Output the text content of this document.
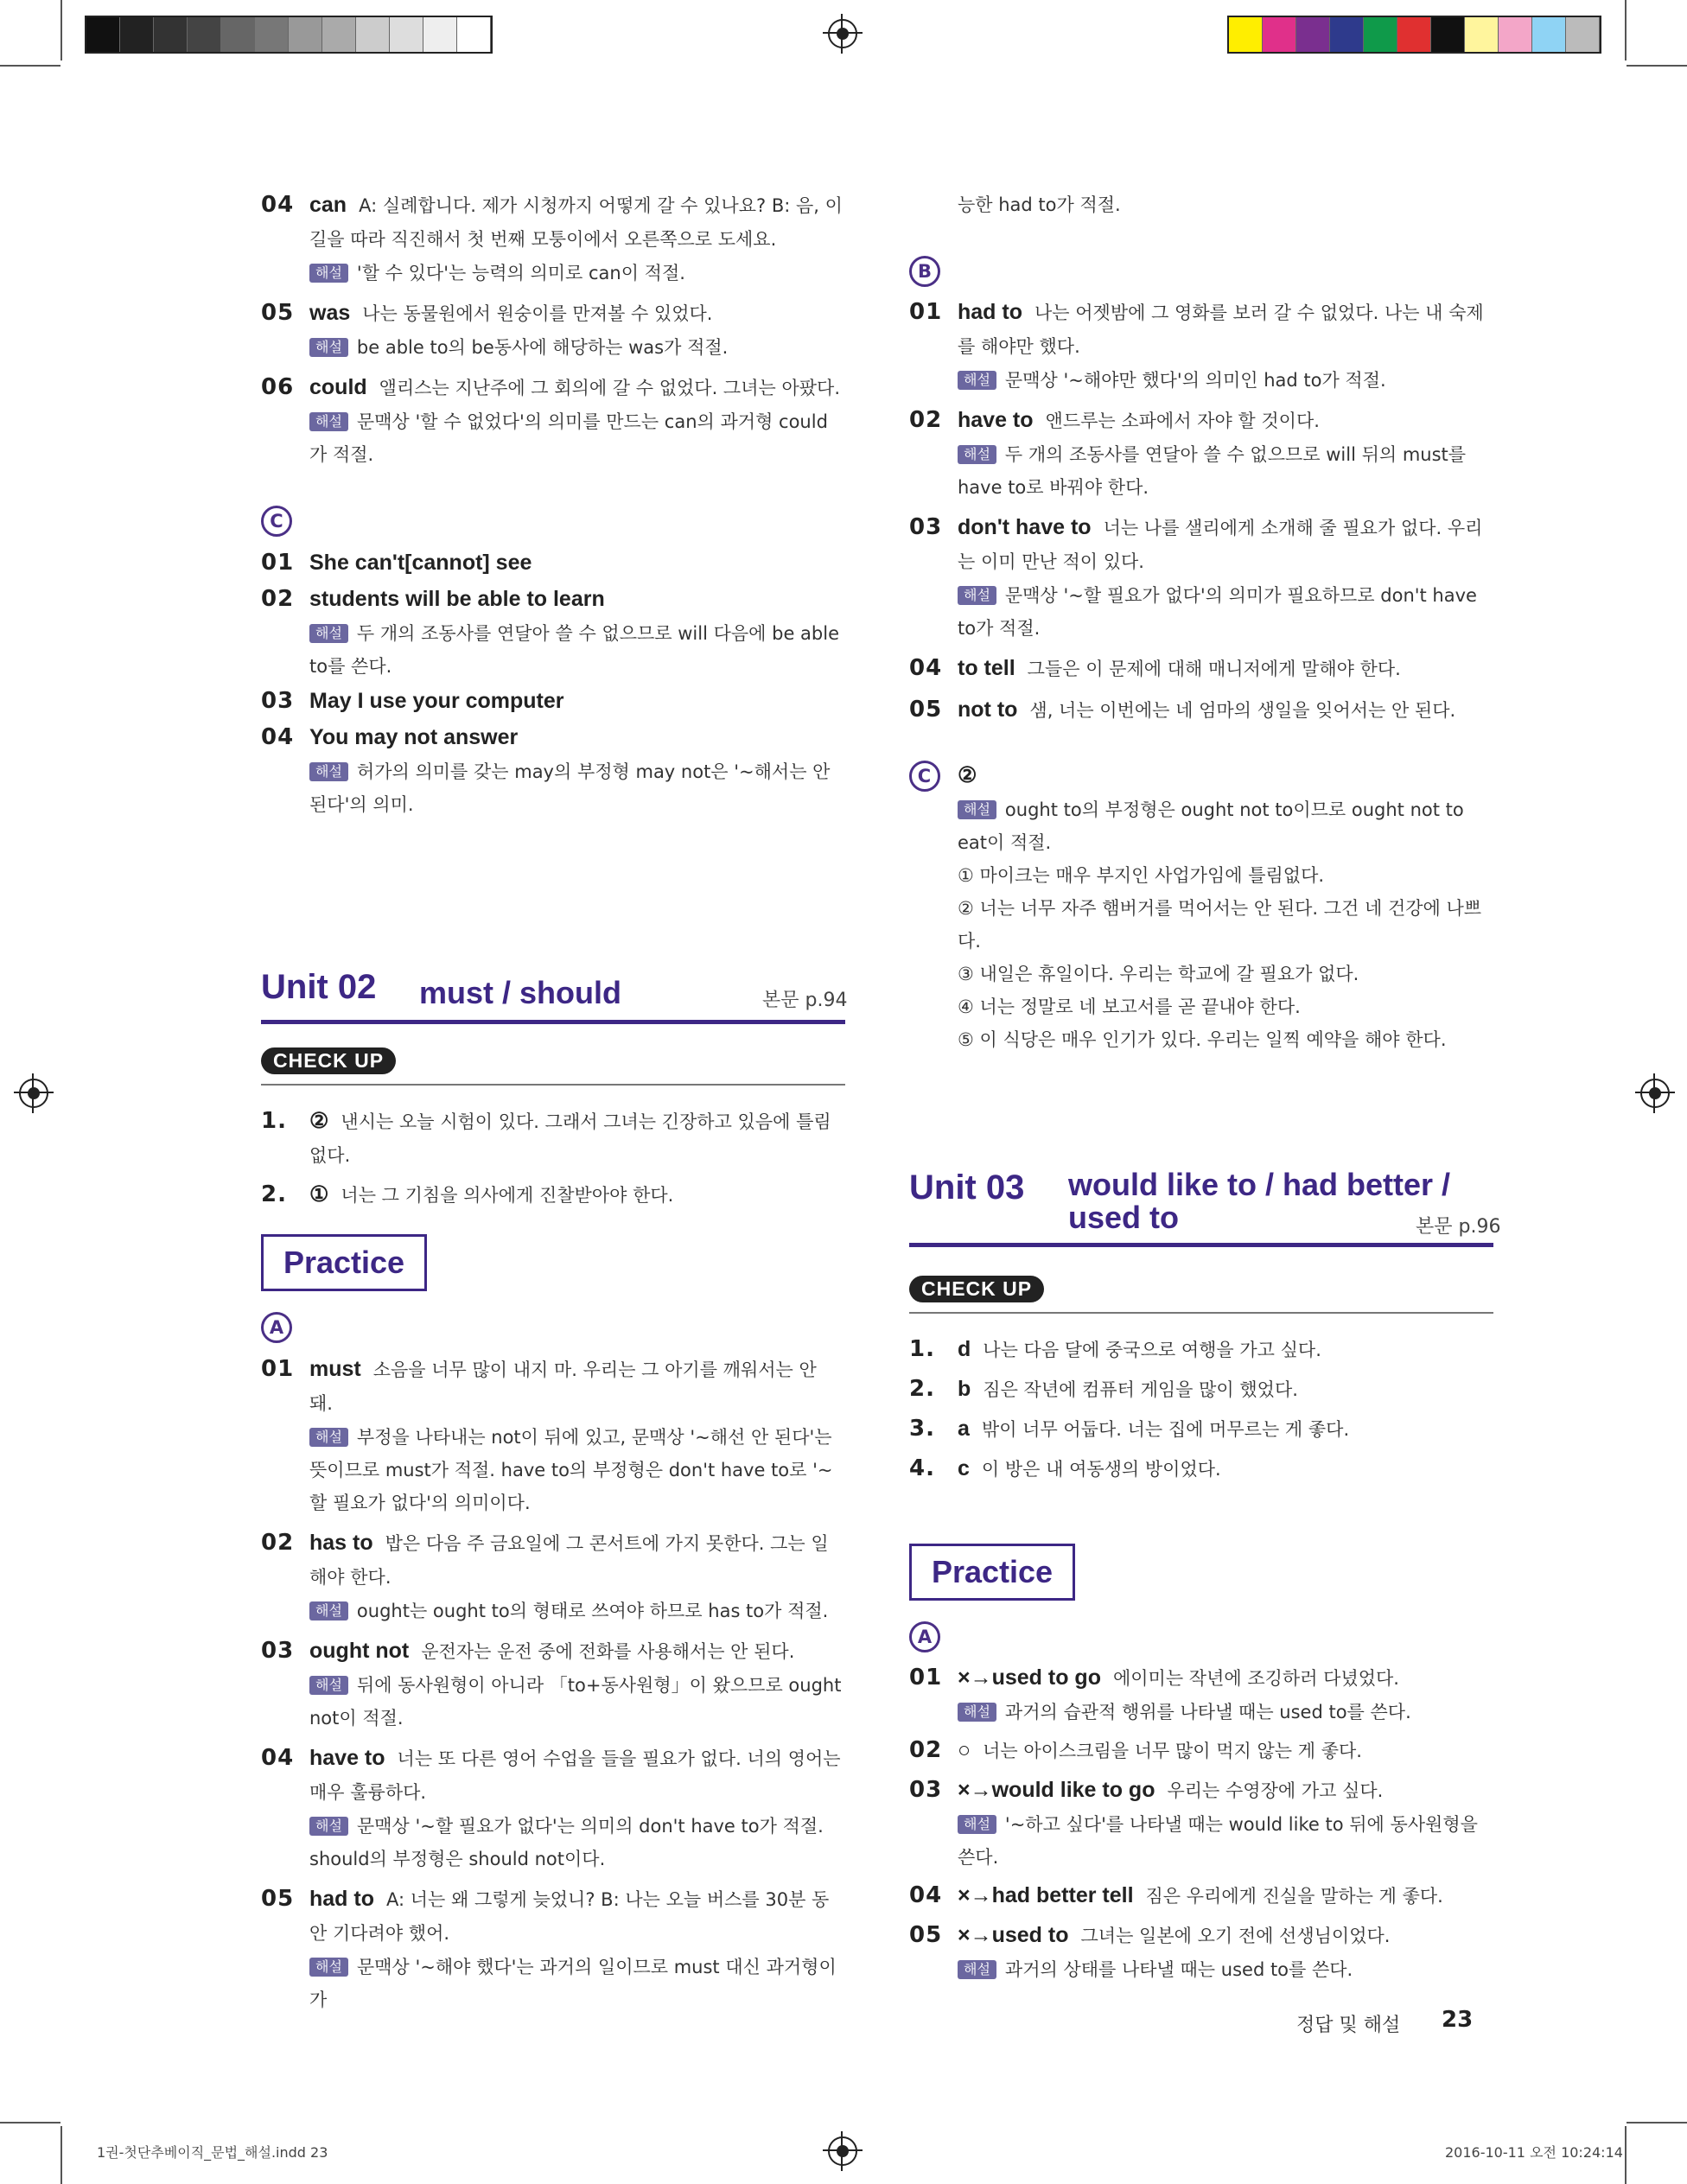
1권-첫단추베이직_문법_해설.indd 23	2016-10-11 오전 10:24:14
04 can A: 실례합니다. 제가 시청까지 어떻게 갈 수 있나요? B: 음, 이 길을 따라 직진해서 첫 번째 모퉁이에서 오른쪽으로 도세요.
해설 '할 수 있다'는 능력의 의미로 can이 적절.
05 was 나는 동물원에서 원숭이를 만져볼 수 있었다.
해설 be able to의 be동사에 해당하는 was가 적절.
06 could 앨리스는 지난주에 그 회의에 갈 수 없었다. 그녀는 아팠다.
해설 문맥상 '할 수 없었다'의 의미를 만드는 can의 과거형 could가 적절.
C
01 She can't[cannot] see
02 students will be able to learn
해설 두 개의 조동사를 연달아 쓸 수 없으므로 will 다음에 be able to를 쓴다.
03 May I use your computer
04 You may not answer
해설 허가의 의미를 갖는 may의 부정형 may not은 '~해서는 안 된다'의 의미.
Unit 02 must / should	본문 p.94
CHECK UP
1. ② 낸시는 오늘 시험이 있다. 그래서 그녀는 긴장하고 있음에 틀림없다.
2. ① 너는 그 기침을 의사에게 진찰받아야 한다.
Practice
A
01 must 소음을 너무 많이 내지 마. 우리는 그 아기를 깨워서는 안 돼.
해설 부정을 나타내는 not이 뒤에 있고, 문맥상 '~해선 안 된다'는 뜻이므로 must가 적절. have to의 부정형은 don't have to로 '~할 필요가 없다'의 의미이다.
02 has to 밥은 다음 주 금요일에 그 콘서트에 가지 못한다. 그는 일해야 한다.
해설 ought는 ought to의 형태로 쓰여야 하므로 has to가 적절.
03 ought not 운전자는 운전 중에 전화를 사용해서는 안 된다.
해설 뒤에 동사원형이 아니라 「to+동사원형」이 왔으므로 ought not이 적절.
04 have to 너는 또 다른 영어 수업을 들을 필요가 없다. 너의 영어는 매우 훌륭하다.
해설 문맥상 '~할 필요가 없다'는 의미의 don't have to가 적절. should의 부정형은 should not이다.
05 had to A: 너는 왜 그렇게 늦었니? B: 나는 오늘 버스를 30분 동안 기다려야 했어.
해설 문맥상 '~해야 했다'는 과거의 일이므로 must 대신 과거형이 가
능한 had to가 적절.
B
01 had to 나는 어젯밤에 그 영화를 보러 갈 수 없었다. 나는 내 숙제를 해야만 했다.
해설 문맥상 '~해야만 했다'의 의미인 had to가 적절.
02 have to 앤드루는 소파에서 자야 할 것이다.
해설 두 개의 조동사를 연달아 쓸 수 없으므로 will 뒤의 must를 have to로 바꿔야 한다.
03 don't have to 너는 나를 샐리에게 소개해 줄 필요가 없다. 우리는 이미 만난 적이 있다.
해설 문맥상 '~할 필요가 없다'의 의미가 필요하므로 don't have to가 적절.
04 to tell 그들은 이 문제에 대해 매니저에게 말해야 한다.
05 not to 샘, 너는 이번에는 네 엄마의 생일을 잊어서는 안 된다.
C	②
해설 ought to의 부정형은 ought not to이므로 ought not to eat이 적절.
① 마이크는 매우 부지인 사업가임에 틀림없다.
② 너는 너무 자주 햄버거를 먹어서는 안 된다. 그건 네 건강에 나쁘다.
③ 내일은 휴일이다. 우리는 학교에 갈 필요가 없다.
④ 너는 정말로 네 보고서를 곧 끝내야 한다.
⑤ 이 식당은 매우 인기가 있다. 우리는 일찍 예약을 해야 한다.
Unit 03 would like to / had better /
used to	본문 p.96
CHECK UP
1. d 나는 다음 달에 중국으로 여행을 가고 싶다.
2. b 짐은 작년에 컴퓨터 게임을 많이 했었다.
3. a 밖이 너무 어둡다. 너는 집에 머무르는 게 좋다.
4. c 이 방은 내 여동생의 방이었다.
Practice
A
01 ×→used to go 에이미는 작년에 조깅하러 다녔었다.
해설 과거의 습관적 행위를 나타낼 때는 used to를 쓴다.
02 ○ 너는 아이스크림을 너무 많이 먹지 않는 게 좋다.
03 ×→would like to go 우리는 수영장에 가고 싶다.
해설 '~하고 싶다'를 나타낼 때는 would like to 뒤에 동사원형을 쓴다.
04 ×→had better tell 짐은 우리에게 진실을 말하는 게 좋다.
05 ×→used to 그녀는 일본에 오기 전에 선생님이었다.
해설 과거의 상태를 나타낼 때는 used to를 쓴다.
정답 및 해설 23
